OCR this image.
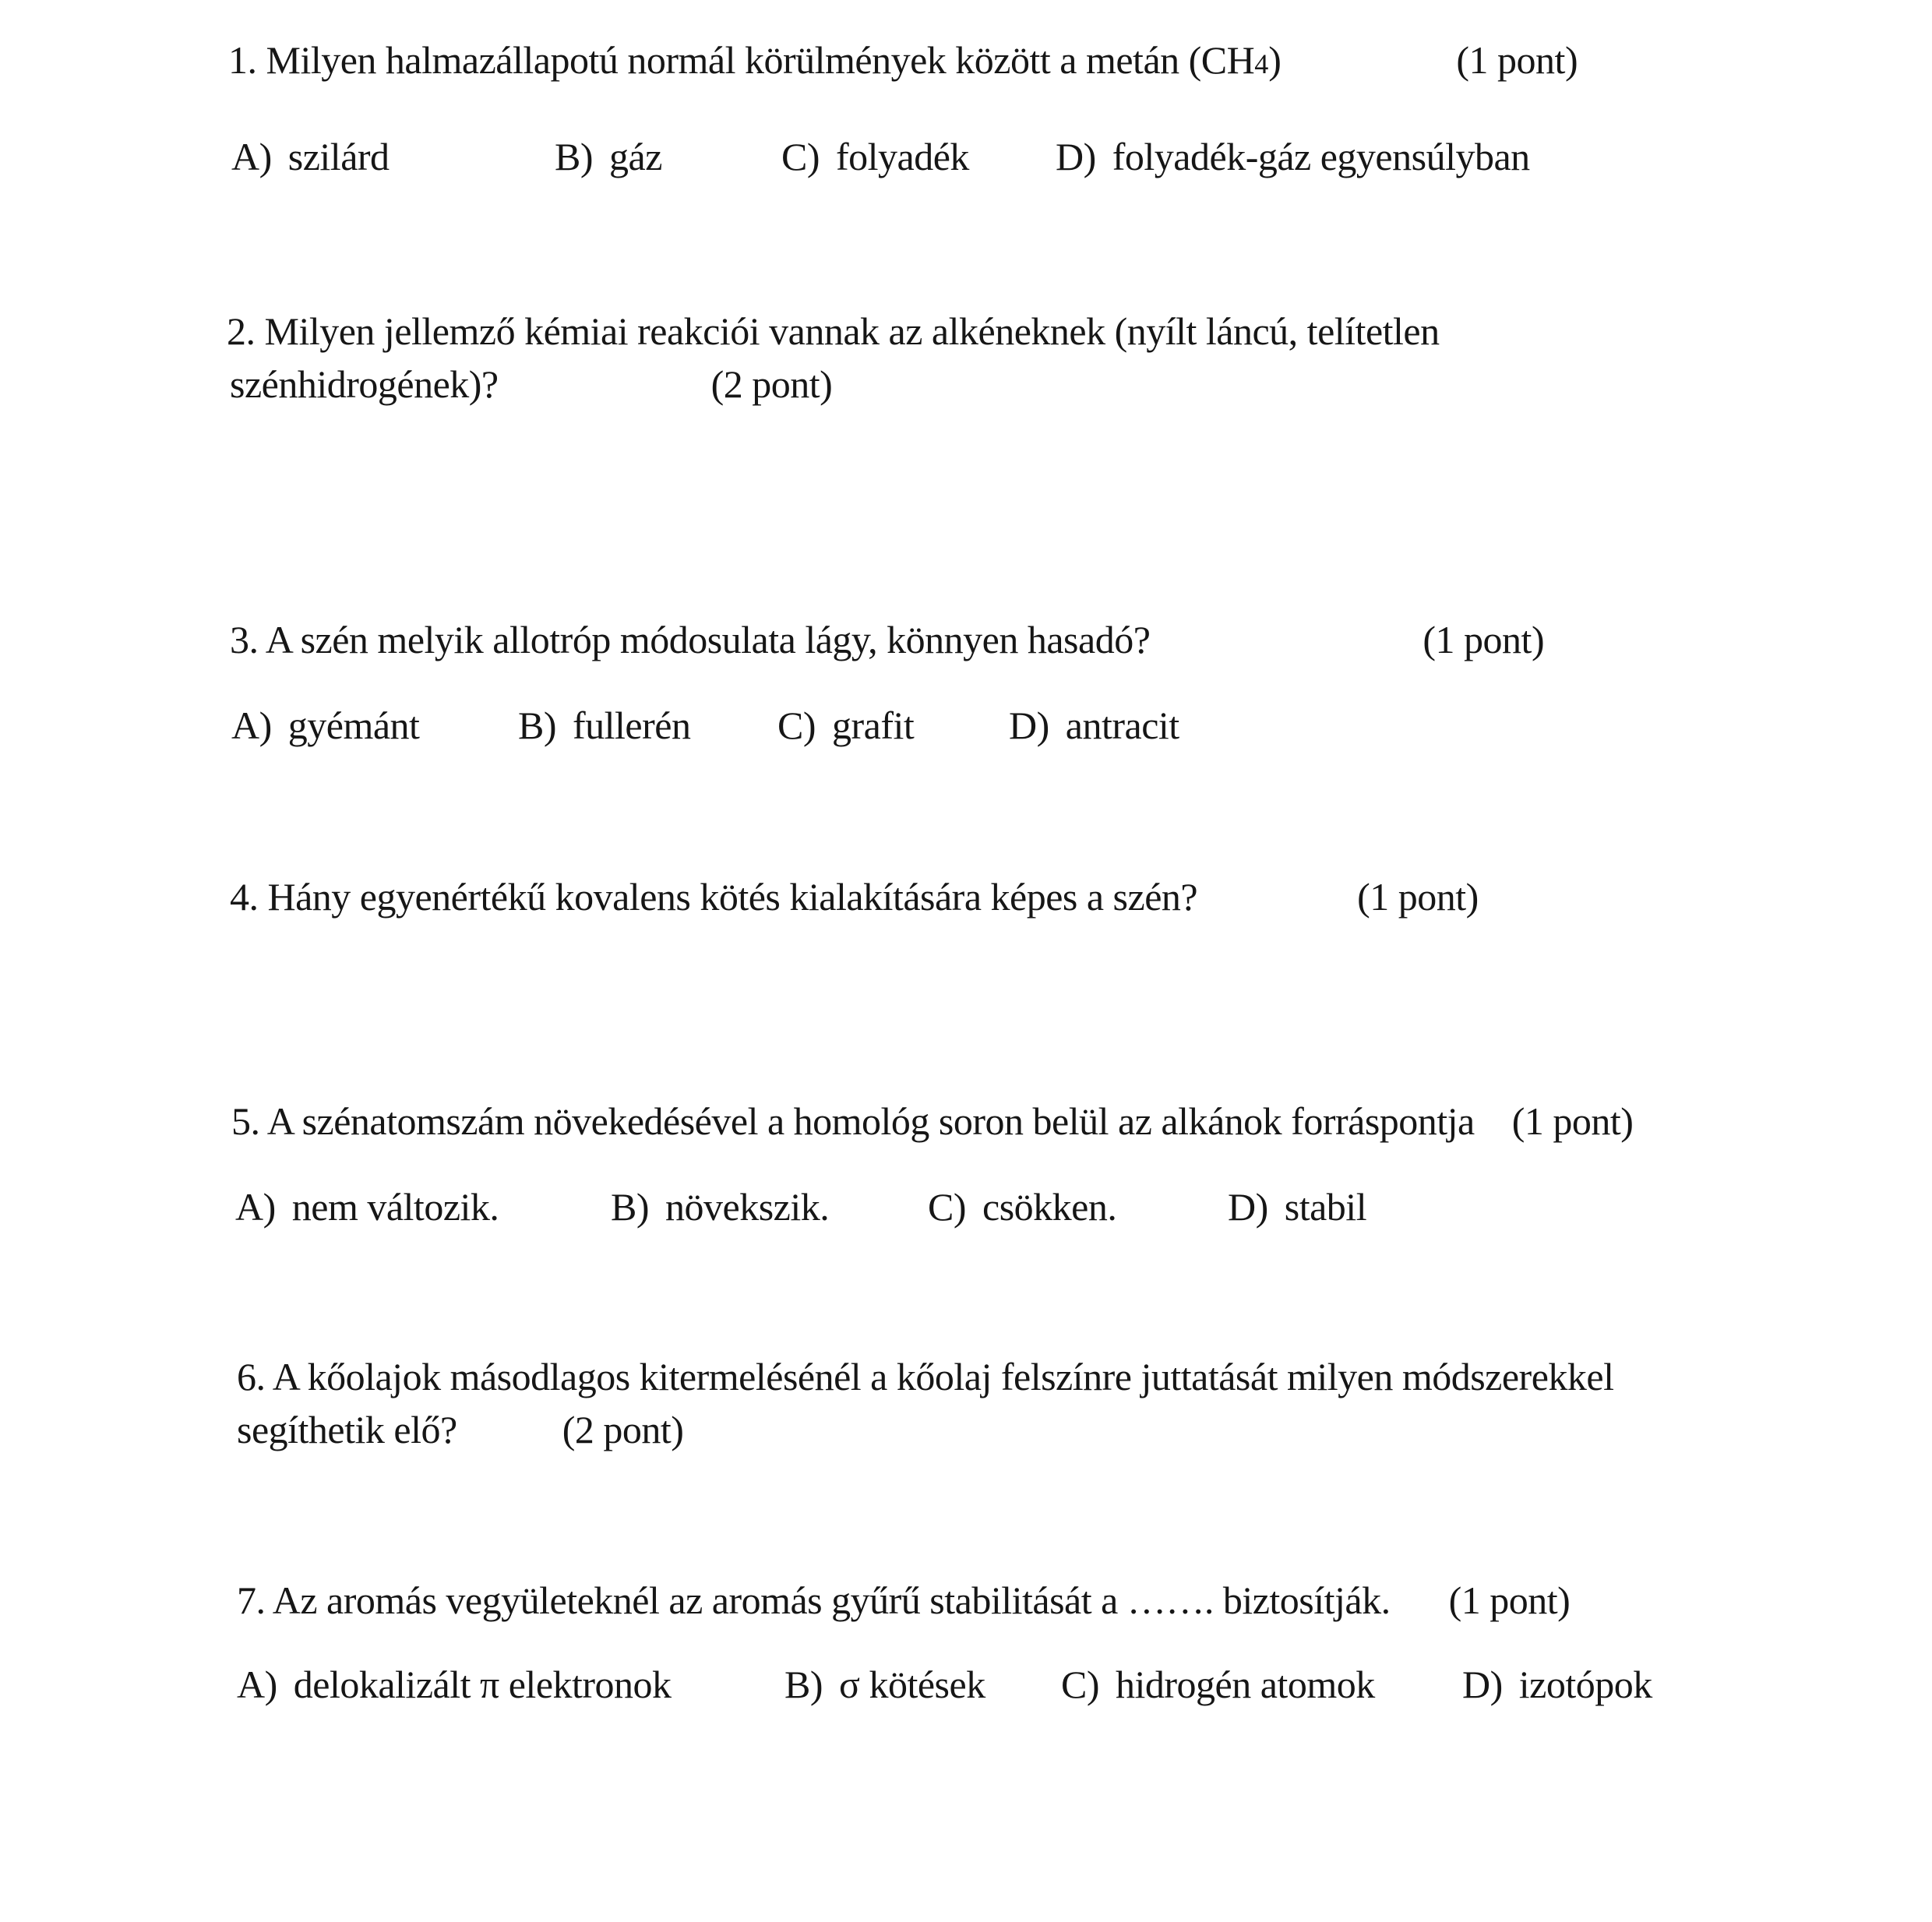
1. Milyen halmazállapotú normál körülmények között a metán (CH 4 )	(1 pont)
A) szilárd	B) gáz	C) folyadék D) folyadék-gáz egyensúlyban
2. Milyen jellemző kémiai reakciói vannak az alkéneknek (nyílt láncú, telítetlen
szénhidrogének)?	(2 pont)
3. A szén melyik allotróp módosulata lágy, könnyen hasadó?	(1 pont)
A) gyémánt	B) fullerén C) grafit D) antracit
4. Hány egyenértékű kovalens kötés kialakítására képes a szén?	(1 pont)
5. A szénatomszám növekedésével a homológ soron belül az alkánok forráspontja (1 pont)
A) nem változik.	B) növekszik.	C) csökken.	D) stabil
6. A kőolajok másodlagos kitermelésénél a kőolaj felszínre juttatását milyen módszerekkel
segíthetik elő?	(2 pont)
7. Az aromás vegyületeknél az aromás gyűrű stabilitását a ……. biztosítják. (1 pont)
A) delokalizált π elektronok	B) σ kötések C) hidrogén atomok D) izotópok
